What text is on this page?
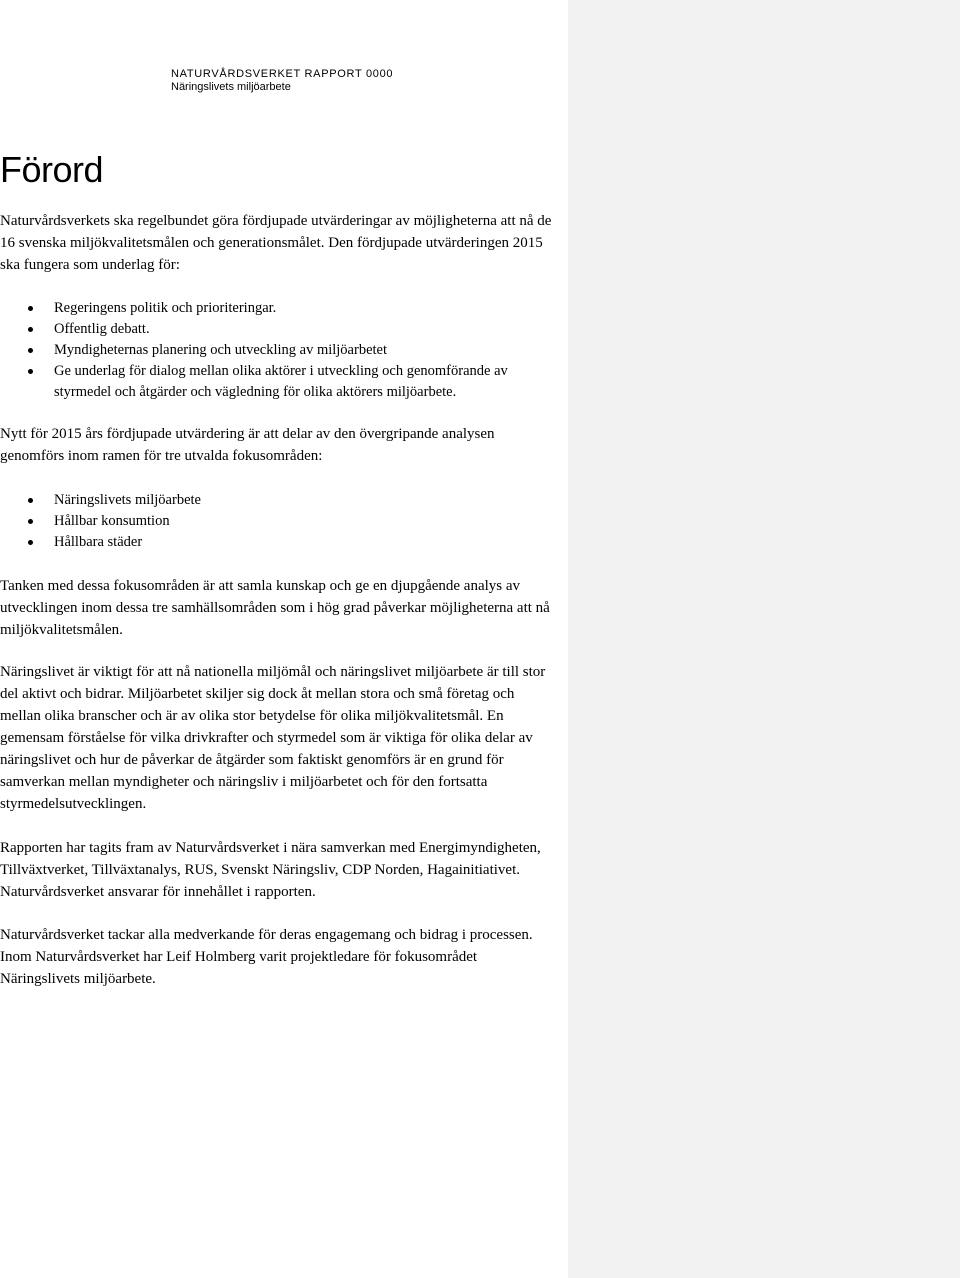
NATURVÅRDSVERKET RAPPORT 0000
Näringslivets miljöarbete
Förord

Naturvårdsverkets ska regelbundet göra fördjupade utvärderingar av möjligheterna att nå de 16 svenska miljökvalitetsmålen och generationsmålet. Den fördjupade utvärderingen 2015 ska fungera som underlag för:

Regeringens politik och prioriteringar.
Offentlig debatt.
Myndigheternas planering och utveckling av miljöarbetet
Ge underlag för dialog mellan olika aktörer i utveckling och genomförande av styrmedel och åtgärder och vägledning för olika aktörers miljöarbete.

Nytt för 2015 års fördjupade utvärdering är att delar av den övergripande analysen genomförs inom ramen för tre utvalda fokusområden:

Näringslivets miljöarbete
Hållbar konsumtion
Hållbara städer

Tanken med dessa fokusområden är att samla kunskap och ge en djupgående analys av utvecklingen inom dessa tre samhällsområden som i hög grad påverkar möjligheterna att nå miljökvalitetsmålen.

Näringslivet är viktigt för att nå nationella miljömål och näringslivet miljöarbete är till stor del aktivt och bidrar. Miljöarbetet skiljer sig dock åt mellan stora och små företag och mellan olika branscher och är av olika stor betydelse för olika miljökvalitetsmål. En gemensam förståelse för vilka drivkrafter och styrmedel som är viktiga för olika delar av näringslivet och hur de påverkar de åtgärder som faktiskt genomförs är en grund för samverkan mellan myndigheter och näringsliv i miljöarbetet och för den fortsatta styrmedelsutvecklingen.

Rapporten har tagits fram av Naturvårdsverket i nära samverkan med Energimyndigheten, Tillväxtverket, Tillväxtanalys, RUS, Svenskt Näringsliv, CDP Norden, Hagainitiativet. Naturvårdsverket ansvarar för innehållet i rapporten.

Naturvårdsverket tackar alla medverkande för deras engagemang och bidrag i processen. Inom Naturvårdsverket har Leif Holmberg varit projektledare för fokusområdet Näringslivets miljöarbete.
